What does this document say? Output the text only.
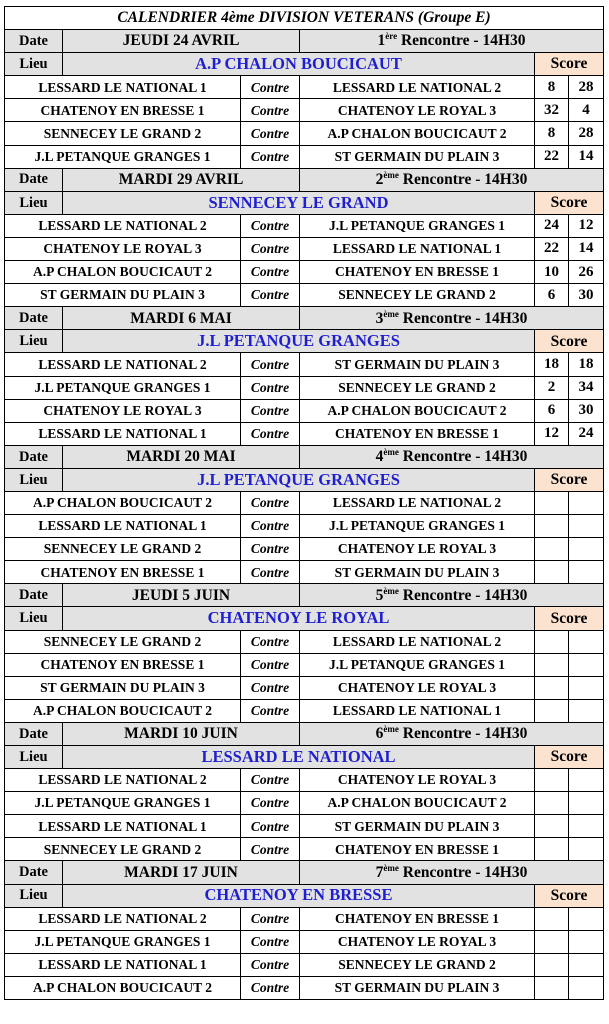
CALENDRIER 4ème DIVISION VETERANS (Groupe E)					
Date	JEUDI 24 AVRIL		1ère Rencontre - 14H30		
Lieu	A.P CHALON BOUCICAUT			Score	
LESSARD LE NATIONAL 1		Contre	LESSARD LE NATIONAL 2	8	28
CHATENOY EN BRESSE 1		Contre	CHATENOY LE ROYAL 3	32	4
SENNECEY LE GRAND 2		Contre	A.P CHALON BOUCICAUT 2	8	28
J.L PETANQUE GRANGES 1		Contre	ST GERMAIN DU PLAIN 3	22	14
Date	MARDI 29 AVRIL		2ème Rencontre - 14H30		
Lieu	SENNECEY LE GRAND			Score	
LESSARD LE NATIONAL 2		Contre	J.L PETANQUE GRANGES 1	24	12
CHATENOY LE ROYAL 3		Contre	LESSARD LE NATIONAL 1	22	14
A.P CHALON BOUCICAUT 2		Contre	CHATENOY EN BRESSE 1	10	26
ST GERMAIN DU PLAIN 3		Contre	SENNECEY LE GRAND 2	6	30
Date	MARDI 6 MAI		3ème Rencontre - 14H30		
Lieu	J.L PETANQUE GRANGES			Score	
LESSARD LE NATIONAL 2		Contre	ST GERMAIN DU PLAIN 3	18	18
J.L PETANQUE GRANGES 1		Contre	SENNECEY LE GRAND 2	2	34
CHATENOY LE ROYAL 3		Contre	A.P CHALON BOUCICAUT 2	6	30
LESSARD LE NATIONAL 1		Contre	CHATENOY EN BRESSE 1	12	24
Date	MARDI 20 MAI		4ème Rencontre - 14H30		
Lieu	J.L PETANQUE GRANGES			Score	
A.P CHALON BOUCICAUT 2		Contre	LESSARD LE NATIONAL 2		
LESSARD LE NATIONAL 1		Contre	J.L PETANQUE GRANGES 1		
SENNECEY LE GRAND 2		Contre	CHATENOY LE ROYAL 3		
CHATENOY EN BRESSE 1		Contre	ST GERMAIN DU PLAIN 3		
Date	JEUDI 5 JUIN		5ème Rencontre - 14H30		
Lieu	CHATENOY LE ROYAL			Score	
SENNECEY LE GRAND 2		Contre	LESSARD LE NATIONAL 2		
CHATENOY EN BRESSE 1		Contre	J.L PETANQUE GRANGES 1		
ST GERMAIN DU PLAIN 3		Contre	CHATENOY LE ROYAL 3		
A.P CHALON BOUCICAUT 2		Contre	LESSARD LE NATIONAL 1		
Date	MARDI 10 JUIN		6ème Rencontre - 14H30		
Lieu	LESSARD LE NATIONAL			Score	
LESSARD LE NATIONAL 2		Contre	CHATENOY LE ROYAL 3		
J.L PETANQUE GRANGES 1		Contre	A.P CHALON BOUCICAUT 2		
LESSARD LE NATIONAL 1		Contre	ST GERMAIN DU PLAIN 3		
SENNECEY LE GRAND 2		Contre	CHATENOY EN BRESSE 1		
Date	MARDI 17 JUIN		7ème Rencontre - 14H30		
Lieu	CHATENOY EN BRESSE			Score	
LESSARD LE NATIONAL 2		Contre	CHATENOY EN BRESSE 1		
J.L PETANQUE GRANGES 1		Contre	CHATENOY LE ROYAL 3		
LESSARD LE NATIONAL 1		Contre	SENNECEY LE GRAND 2		
A.P CHALON BOUCICAUT 2		Contre	ST GERMAIN DU PLAIN 3		
